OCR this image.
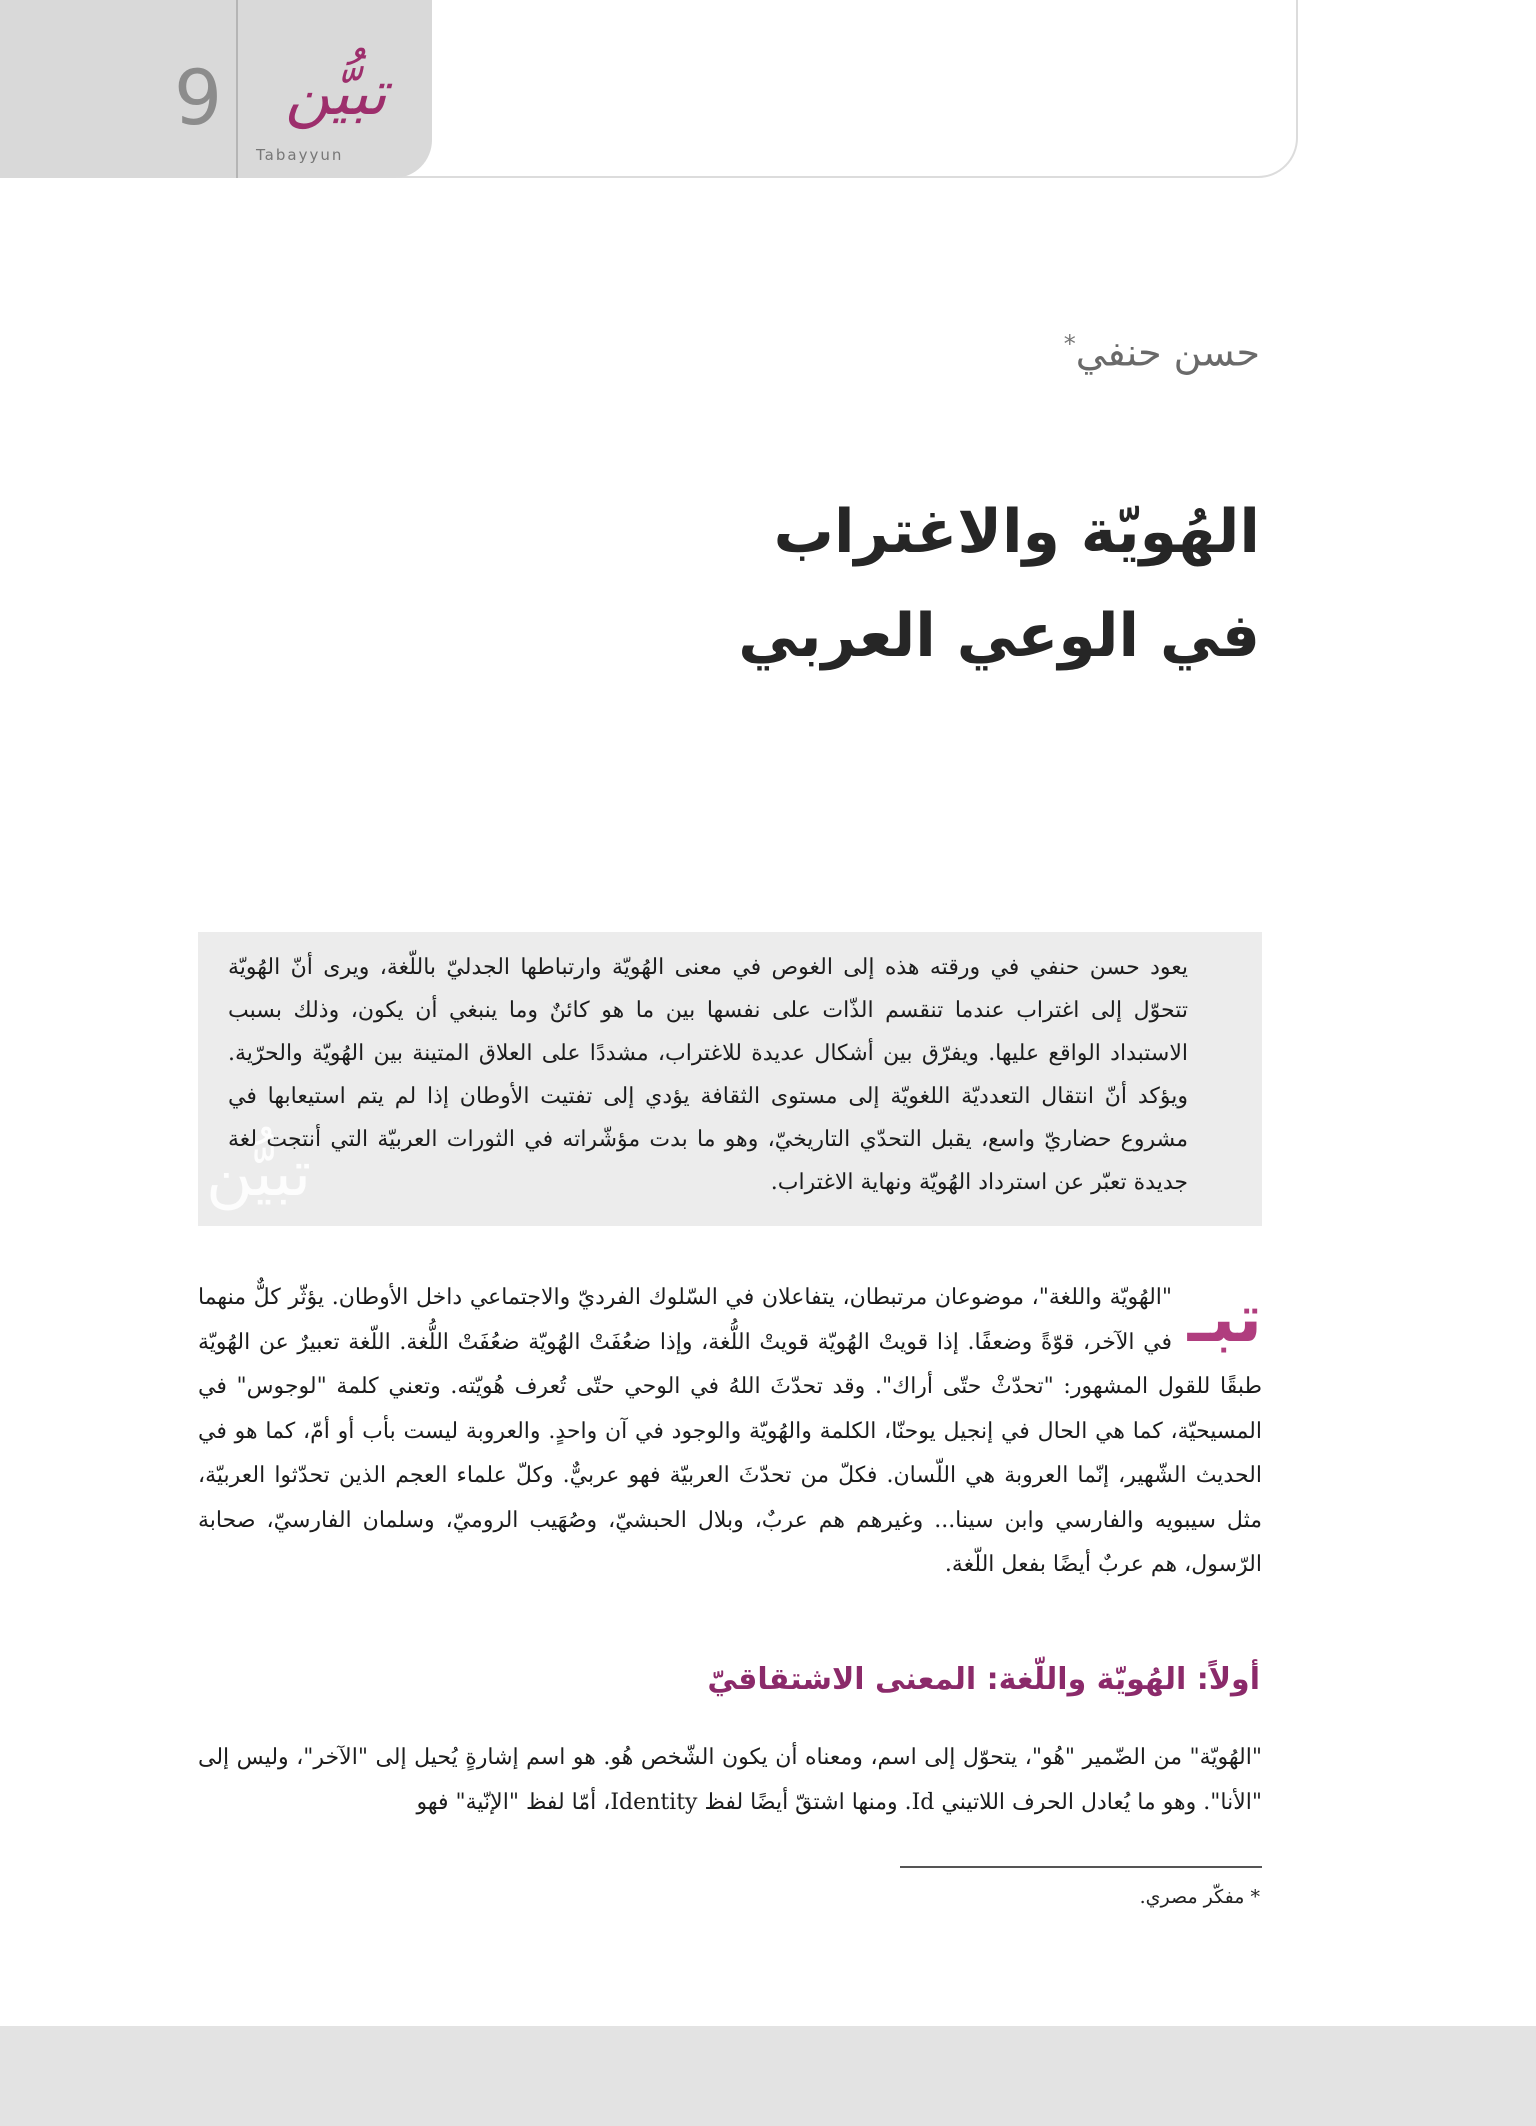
9	تبيُّن
Tabayyun
حسن حنفي*
الهُويّة والاغتراب
في الوعي العربي
تبيُّن
يعود حسن حنفي في ورقته هذه إلى الغوص في معنى الهُويّة وارتباطها الجدليّ باللّغة، ويرى أنّ الهُويّة تتحوّل إلى اغتراب عندما تنقسم الذّات على نفسها بين ما هو كائنٌ وما ينبغي أن يكون، وذلك بسبب الاستبداد الواقع عليها. ويفرّق بين أشكال عديدة للاغتراب، مشددًا على العلاق المتينة بين الهُويّة والحرّية. ويؤكد أنّ انتقال التعدديّة اللغويّة إلى مستوى الثقافة يؤدي إلى تفتيت الأوطان إذا لم يتم استيعابها في مشروع حضاريّ واسع، يقبل التحدّي التاريخيّ، وهو ما بدت مؤشّراته في الثورات العربيّة التي أنتجت لغة جديدة تعبّر عن استرداد الهُويّة ونهاية الاغتراب.
تبـ
"الهُويّة واللغة"، موضوعان مرتبطان، يتفاعلان في السّلوك الفرديّ والاجتماعي داخل الأوطان. يؤثّر كلٌّ منهما في الآخر، قوّةً وضعفًا. إذا قويتْ الهُويّة قويتْ اللُّغة، وإذا ضعُفَتْ الهُويّة ضعُفَتْ اللُّغة. اللّغة تعبيرٌ عن الهُويّة طبقًا للقول المشهور: "تحدّثْ حتّى أراك". وقد تحدّثَ اللهُ في الوحي حتّى تُعرف هُويّته. وتعني كلمة "لوجوس" في المسيحيّة، كما هي الحال في إنجيل يوحنّا، الكلمة والهُويّة والوجود في آن واحدٍ. والعروبة ليست بأب أو أمّ، كما هو في الحديث الشّهير، إنّما العروبة هي اللّسان. فكلّ من تحدّثَ العربيّة فهو عربيٌّ. وكلّ علماء العجم الذين تحدّثوا العربيّة، مثل سيبويه والفارسي وابن سينا... وغيرهم هم عربٌ، وبلال الحبشيّ، وصُهَيب الروميّ، وسلمان الفارسيّ، صحابة الرّسول، هم عربٌ أيضًا بفعل اللّغة.
أولاً: الهُويّة واللّغة: المعنى الاشتقاقيّ
"الهُويّة" من الضّمير "هُو"، يتحوّل إلى اسم، ومعناه أن يكون الشّخص هُو. هو اسم إشارةٍ يُحيل إلى "الآخر"، وليس إلى "الأنا". وهو ما يُعادل الحرف اللاتيني Id. ومنها اشتقّ أيضًا لفظ Identity، أمّا لفظ "الإنّية" فهو
* مفكّر مصري.
